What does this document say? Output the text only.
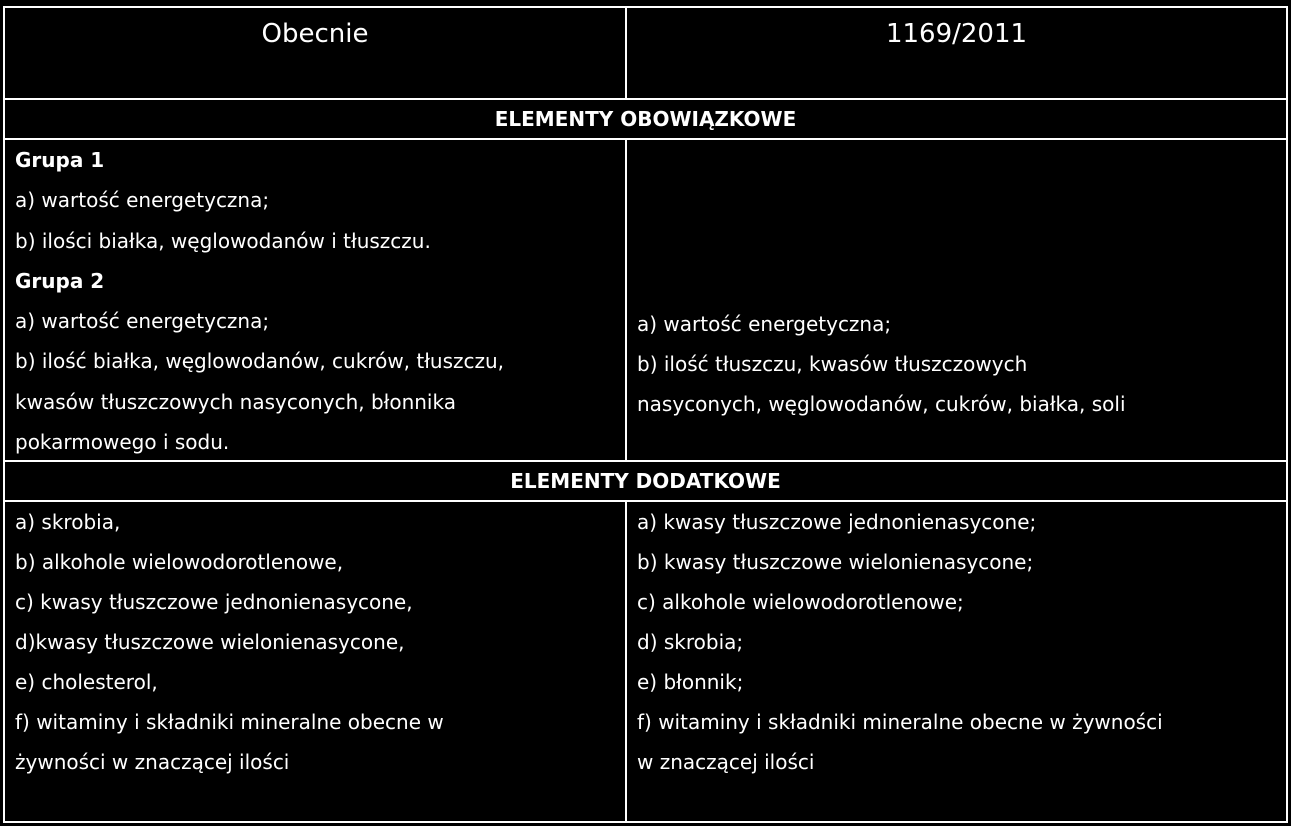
Obecnie	1169/2011
ELEMENTY OBOWIĄZKOWE
Grupa 1
a) wartość energetyczna;
b) ilości białka, węglowodanów i tłuszczu.
Grupa 2
a) wartość energetyczna;
b) ilość białka, węglowodanów, cukrów, tłuszczu,
kwasów tłuszczowych nasyconych, błonnika
pokarmowego i sodu.
a) wartość energetyczna;
b) ilość tłuszczu, kwasów tłuszczowych
nasyconych, węglowodanów, cukrów, białka, soli
ELEMENTY DODATKOWE
a) skrobia,
b) alkohole wielowodorotlenowe,
c) kwasy tłuszczowe jednonienasycone,
d)kwasy tłuszczowe wielonienasycone,
e) cholesterol,
f) witaminy i składniki mineralne obecne w
żywności w znaczącej ilości
a) kwasy tłuszczowe jednonienasycone;
b) kwasy tłuszczowe wielonienasycone;
c) alkohole wielowodorotlenowe;
d) skrobia;
e) błonnik;
f) witaminy i składniki mineralne obecne w żywności
w znaczącej ilości
